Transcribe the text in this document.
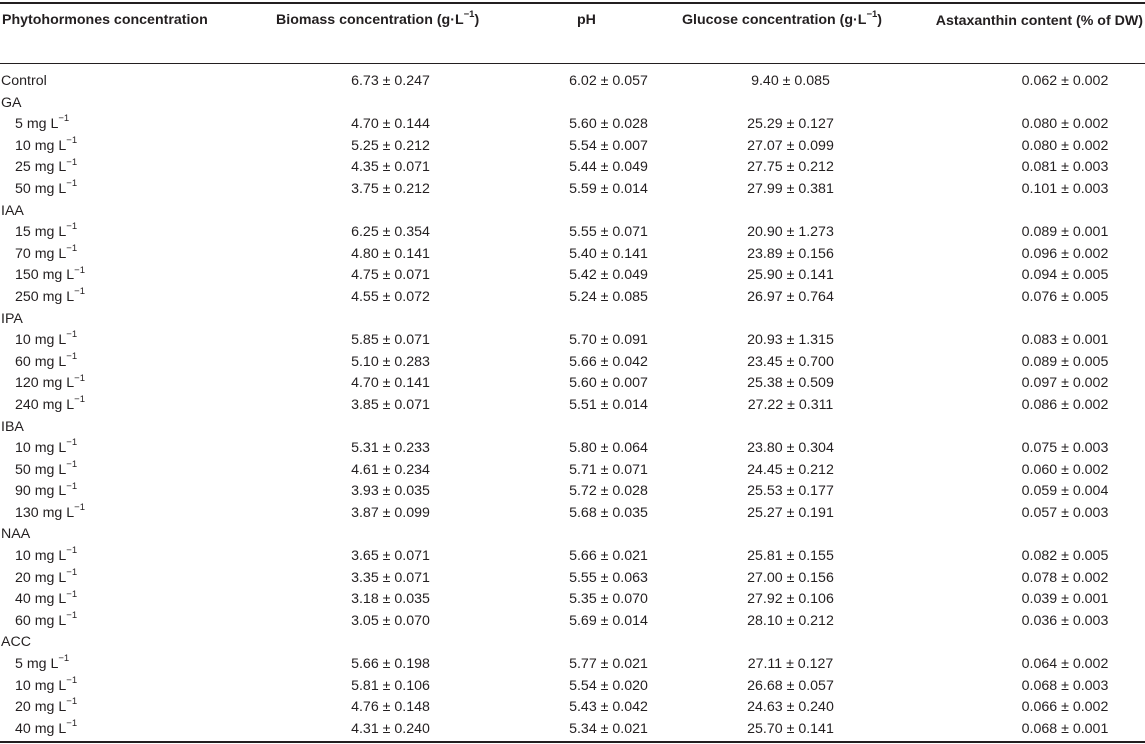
Phytohormones concentration	Biomass concentration $(g\cdot L^{-1})$	pH	Glucose concentration $(g\cdot L^{-1})$	Astaxanthin content (% of DW)
Control	6.73 ± 0.247	6.02 ± 0.057	9.40 ± 0.085	0.062 ± 0.002
GA
5 mg $L^{-1}$	4.70 ± 0.144	5.60 ± 0.028	25.29 ± 0.127	0.080 ± 0.002
10 mg $L^{-1}$	5.25 ± 0.212	5.54 ± 0.007	27.07 ± 0.099	0.080 ± 0.002
25 mg $L^{-1}$	4.35 ± 0.071	5.44 ± 0.049	27.75 ± 0.212	0.081 ± 0.003
50 mg $L^{-1}$	3.75 ± 0.212	5.59 ± 0.014	27.99 ± 0.381	0.101 ± 0.003
IAA
15 mg $L^{-1}$	6.25 ± 0.354	5.55 ± 0.071	20.90 ± 1.273	0.089 ± 0.001
70 mg $L^{-1}$	4.80 ± 0.141	5.40 ± 0.141	23.89 ± 0.156	0.096 ± 0.002
150 mg $L^{-1}$	4.75 ± 0.071	5.42 ± 0.049	25.90 ± 0.141	0.094 ± 0.005
250 mg $L^{-1}$	4.55 ± 0.072	5.24 ± 0.085	26.97 ± 0.764	0.076 ± 0.005
IPA
10 mg $L^{-1}$	5.85 ± 0.071	5.70 ± 0.091	20.93 ± 1.315	0.083 ± 0.001
60 mg $L^{-1}$	5.10 ± 0.283	5.66 ± 0.042	23.45 ± 0.700	0.089 ± 0.005
120 mg $L^{-1}$	4.70 ± 0.141	5.60 ± 0.007	25.38 ± 0.509	0.097 ± 0.002
240 mg $L^{-1}$	3.85 ± 0.071	5.51 ± 0.014	27.22 ± 0.311	0.086 ± 0.002
IBA
10 mg $L^{-1}$	5.31 ± 0.233	5.80 ± 0.064	23.80 ± 0.304	0.075 ± 0.003
50 mg $L^{-1}$	4.61 ± 0.234	5.71 ± 0.071	24.45 ± 0.212	0.060 ± 0.002
90 mg $L^{-1}$	3.93 ± 0.035	5.72 ± 0.028	25.53 ± 0.177	0.059 ± 0.004
130 mg $L^{-1}$	3.87 ± 0.099	5.68 ± 0.035	25.27 ± 0.191	0.057 ± 0.003
NAA
10 mg $L^{-1}$	3.65 ± 0.071	5.66 ± 0.021	25.81 ± 0.155	0.082 ± 0.005
20 mg $L^{-1}$	3.35 ± 0.071	5.55 ± 0.063	27.00 ± 0.156	0.078 ± 0.002
40 mg $L^{-1}$	3.18 ± 0.035	5.35 ± 0.070	27.92 ± 0.106	0.039 ± 0.001
60 mg $L^{-1}$	3.05 ± 0.070	5.69 ± 0.014	28.10 ± 0.212	0.036 ± 0.003
ACC
5 mg $L^{-1}$	5.66 ± 0.198	5.77 ± 0.021	27.11 ± 0.127	0.064 ± 0.002
10 mg $L^{-1}$	5.81 ± 0.106	5.54 ± 0.020	26.68 ± 0.057	0.068 ± 0.003
20 mg $L^{-1}$	4.76 ± 0.148	5.43 ± 0.042	24.63 ± 0.240	0.066 ± 0.002
40 mg $L^{-1}$	4.31 ± 0.240	5.34 ± 0.021	25.70 ± 0.141	0.068 ± 0.001
